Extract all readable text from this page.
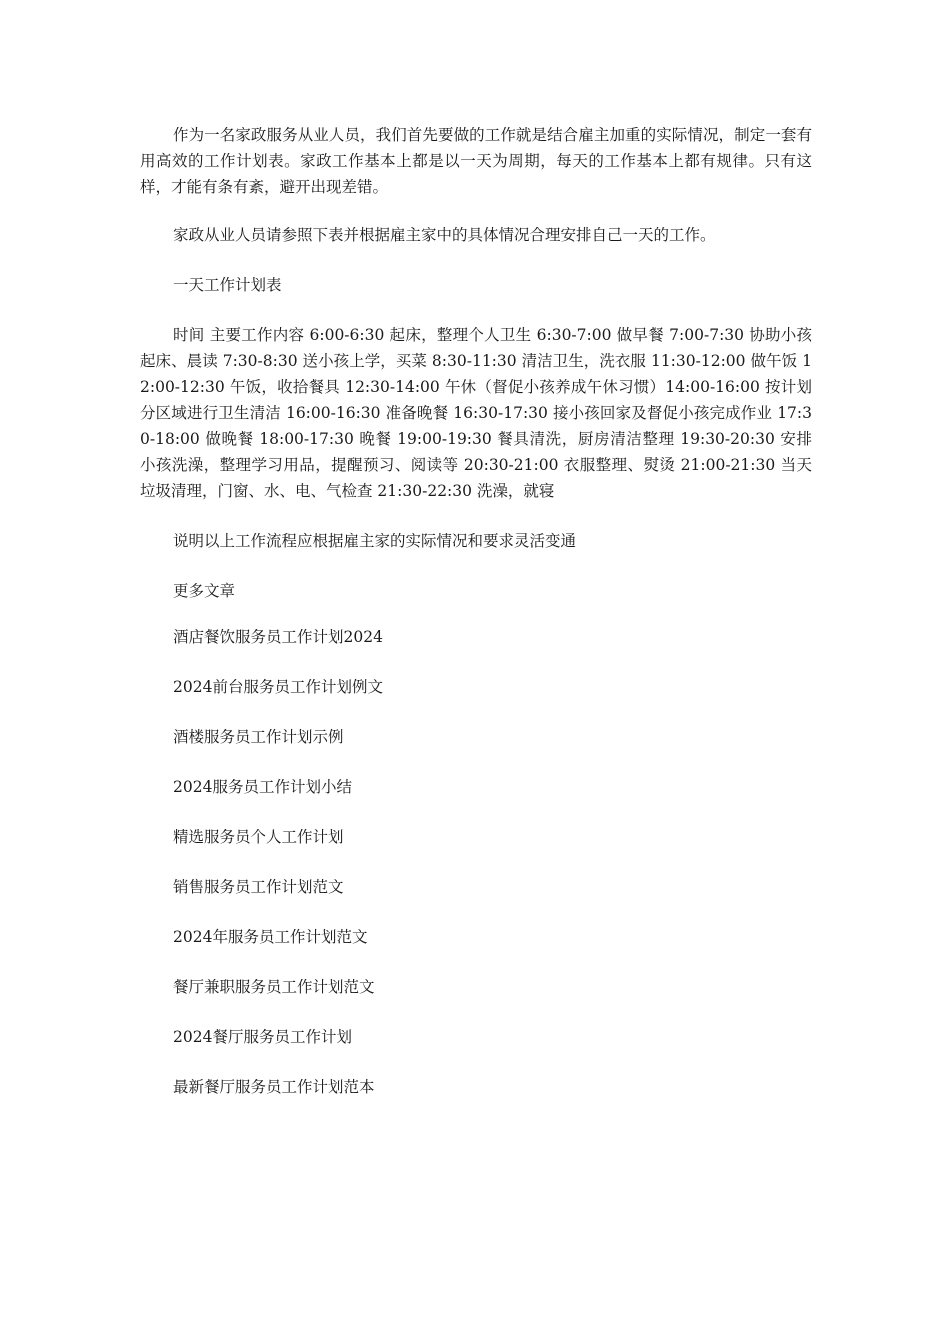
作为一名家政服务从业人员，我们首先要做的工作就是结合雇主加重的实际情况，制定一套有用高效的工作计划表。家政工作基本上都是以一天为周期，每天的工作基本上都有规律。只有这样，才能有条有紊，避开出现差错。

家政从业人员请参照下表并根据雇主家中的具体情况合理安排自己一天的工作。

一天工作计划表

时间 主要工作内容 6:00-6:30 起床，整理个人卫生 6:30-7:00 做早餐 7:00-7:30 协助小孩起床、晨读 7:30-8:30 送小孩上学，买菜 8:30-11:30 清洁卫生，洗衣服 11:30-12:00 做午饭 12:00-12:30 午饭，收拾餐具 12:30-14:00 午休（督促小孩养成午休习惯）14:00-16:00 按计划分区域进行卫生清洁 16:00-16:30 准备晚餐 16:30-17:30 接小孩回家及督促小孩完成作业 17:30-18:00 做晚餐 18:00-17:30 晚餐 19:00-19:30 餐具清洗，厨房清洁整理 19:30-20:30 安排小孩洗澡，整理学习用品，提醒预习、阅读等 20:30-21:00 衣服整理、熨烫 21:00-21:30 当天垃圾清理，门窗、水、电、气检查 21:30-22:30 洗澡，就寝

说明以上工作流程应根据雇主家的实际情况和要求灵活变通

更多文章

酒店餐饮服务员工作计划2024

2024前台服务员工作计划例文

酒楼服务员工作计划示例

2024服务员工作计划小结

精选服务员个人工作计划

销售服务员工作计划范文

2024年服务员工作计划范文

餐厅兼职服务员工作计划范文

2024餐厅服务员工作计划

最新餐厅服务员工作计划范本
